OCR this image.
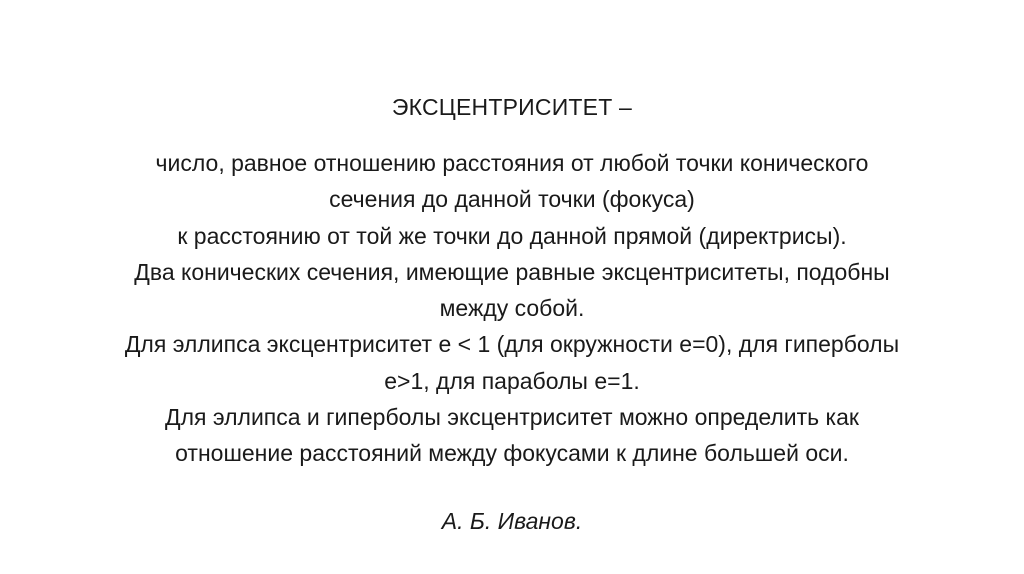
ЭКСЦЕНТРИСИТЕТ –
число, равное отношению расстояния от любой точки конического
сечения до данной точки (фокуса)
к расстоянию от той же точки до данной прямой (директрисы).
Два конических сечения, имеющие равные эксцентриситеты, подобны
между собой.
Для эллипса эксцентриситет е < 1 (для окружности е=0), для гиперболы
е>1, для параболы е=1.
Для эллипса и гиперболы эксцентриситет можно определить как
отношение расстояний между фокусами к длине большей оси.
А. Б. Иванов.
